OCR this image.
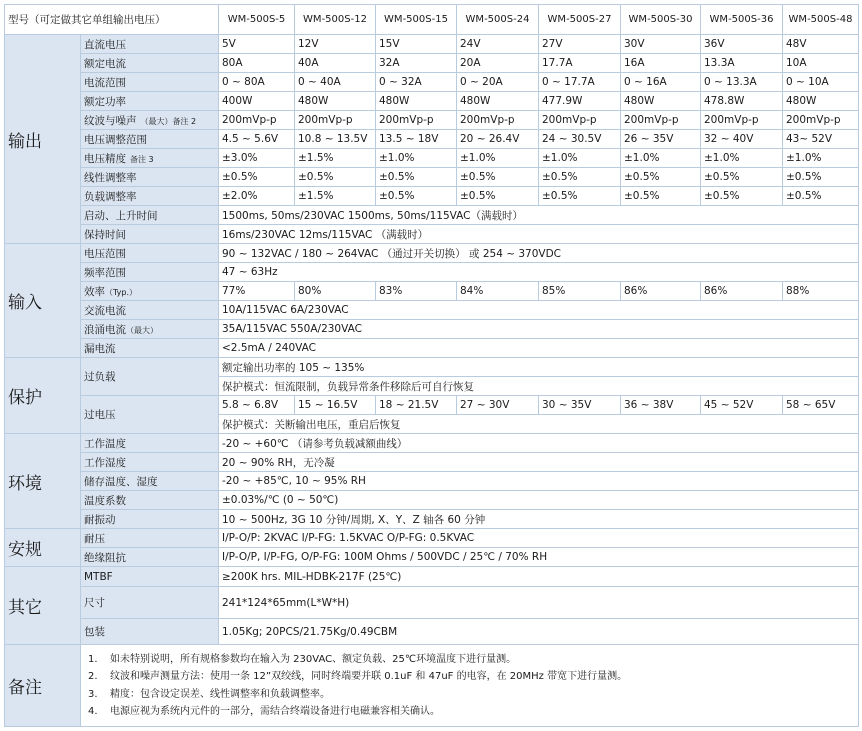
型号（可定做其它单组输出电压）		WM-500S-5	WM-500S-12	WM-500S-15	WM-500S-24	WM-500S-27	WM-500S-30	WM-500S-36	WM-500S-48
输出	直流电压	5V	12V	15V	24V	27V	30V	36V	48V
	额定电流	80A	40A	32A	20A	17.7A	16A	13.3A	10A
	电流范围	0 ~ 80A	0 ~ 40A	0 ~ 32A	0 ~ 20A	0 ~ 17.7A	0 ~ 16A	0 ~ 13.3A	0 ~ 10A
	额定功率	400W	480W	480W	480W	477.9W	480W	478.8W	480W
	纹波与噪声 （最大）备注 2	200mVp-p	200mVp-p	200mVp-p	200mVp-p	200mVp-p	200mVp-p	200mVp-p	200mVp-p
	电压调整范围	4.5 ~ 5.6V	10.8 ~ 13.5V	13.5 ~ 18V	20 ~ 26.4V	24 ~ 30.5V	26 ~ 35V	32 ~ 40V	43~ 52V
	电压精度 备注 3	±3.0%	±1.5%	±1.0%	±1.0%	±1.0%	±1.0%	±1.0%	±1.0%
	线性调整率	±0.5%	±0.5%	±0.5%	±0.5%	±0.5%	±0.5%	±0.5%	±0.5%
	负载调整率	±2.0%	±1.5%	±0.5%	±0.5%	±0.5%	±0.5%	±0.5%	±0.5%
	启动、上升时间	1500ms, 50ms/230VAC 1500ms, 50ms/115VAC（满载时）							
	保持时间	16ms/230VAC 12ms/115VAC （满载时）							
输入	电压范围	90 ~ 132VAC / 180 ~ 264VAC （通过开关切换） 或 254 ~ 370VDC							
	频率范围	47 ~ 63Hz							
	效率（Typ.）	77%	80%	83%	84%	85%	86%	86%	88%
	交流电流	10A/115VAC 6A/230VAC							
	浪涌电流（最大）	35A/115VAC 550A/230VAC							
	漏电流	<2.5mA / 240VAC							
保护	过负载	额定输出功率的 105 ~ 135%							
		保护模式：恒流限制，负载异常条件移除后可自行恢复							
	过电压	5.8 ~ 6.8V	15 ~ 16.5V	18 ~ 21.5V	27 ~ 30V	30 ~ 35V	36 ~ 38V	45 ~ 52V	58 ~ 65V
		保护模式：关断输出电压，重启后恢复							
环境	工作温度	-20 ~ +60℃ （请参考负载减额曲线）							
	工作湿度	20 ~ 90% RH，无冷凝							
	储存温度、湿度	-20 ~ +85℃, 10 ~ 95% RH							
	温度系数	±0.03%/℃ (0 ~ 50℃)							
	耐振动	10 ~ 500Hz, 3G 10 分钟/周期, X、Y、Z 轴各 60 分钟							
安规	耐压	I/P-O/P: 2KVAC I/P-FG: 1.5KVAC O/P-FG: 0.5KVAC							
	绝缘阻抗	I/P-O/P, I/P-FG, O/P-FG: 100M Ohms / 500VDC / 25℃ / 70% RH							
其它	MTBF	≥200K hrs. MIL-HDBK-217F (25℃)							
	尺寸	241*124*65mm(L*W*H)							
	包装	1.05Kg; 20PCS/21.75Kg/0.49CBM							
备注	1. 如未特别说明，所有规格参数均在输入为 230VAC、额定负载、25℃环境温度下进行量测。
2. 纹波和噪声测量方法：使用一条 12”双绞线，同时终端要并联 0.1uF 和 47uF 的电容，在 20MHz 带宽下进行量测。
3. 精度：包含设定误差、线性调整率和负载调整率。
4. 电源应视为系统内元件的一部分，需结合终端设备进行电磁兼容相关确认。								
